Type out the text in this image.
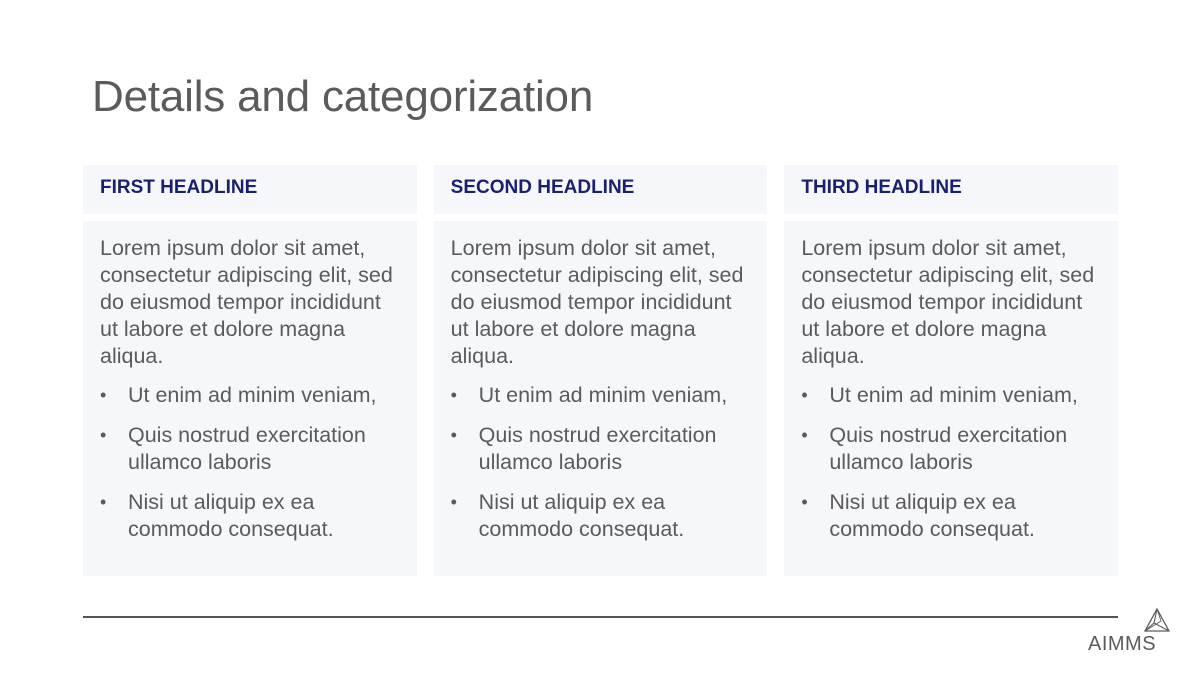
Details and categorization
FIRST HEADLINE
Lorem ipsum dolor sit amet, consectetur adipiscing elit, sed do eiusmod tempor incididunt ut labore et dolore magna aliqua.
• Ut enim ad minim veniam,
• Quis nostrud exercitation ullamco laboris
• Nisi ut aliquip ex ea commodo consequat.
SECOND HEADLINE
Lorem ipsum dolor sit amet, consectetur adipiscing elit, sed do eiusmod tempor incididunt ut labore et dolore magna aliqua.
• Ut enim ad minim veniam,
• Quis nostrud exercitation ullamco laboris
• Nisi ut aliquip ex ea commodo consequat.
THIRD HEADLINE
Lorem ipsum dolor sit amet, consectetur adipiscing elit, sed do eiusmod tempor incididunt ut labore et dolore magna aliqua.
• Ut enim ad minim veniam,
• Quis nostrud exercitation ullamco laboris
• Nisi ut aliquip ex ea commodo consequat.
AIMMS
